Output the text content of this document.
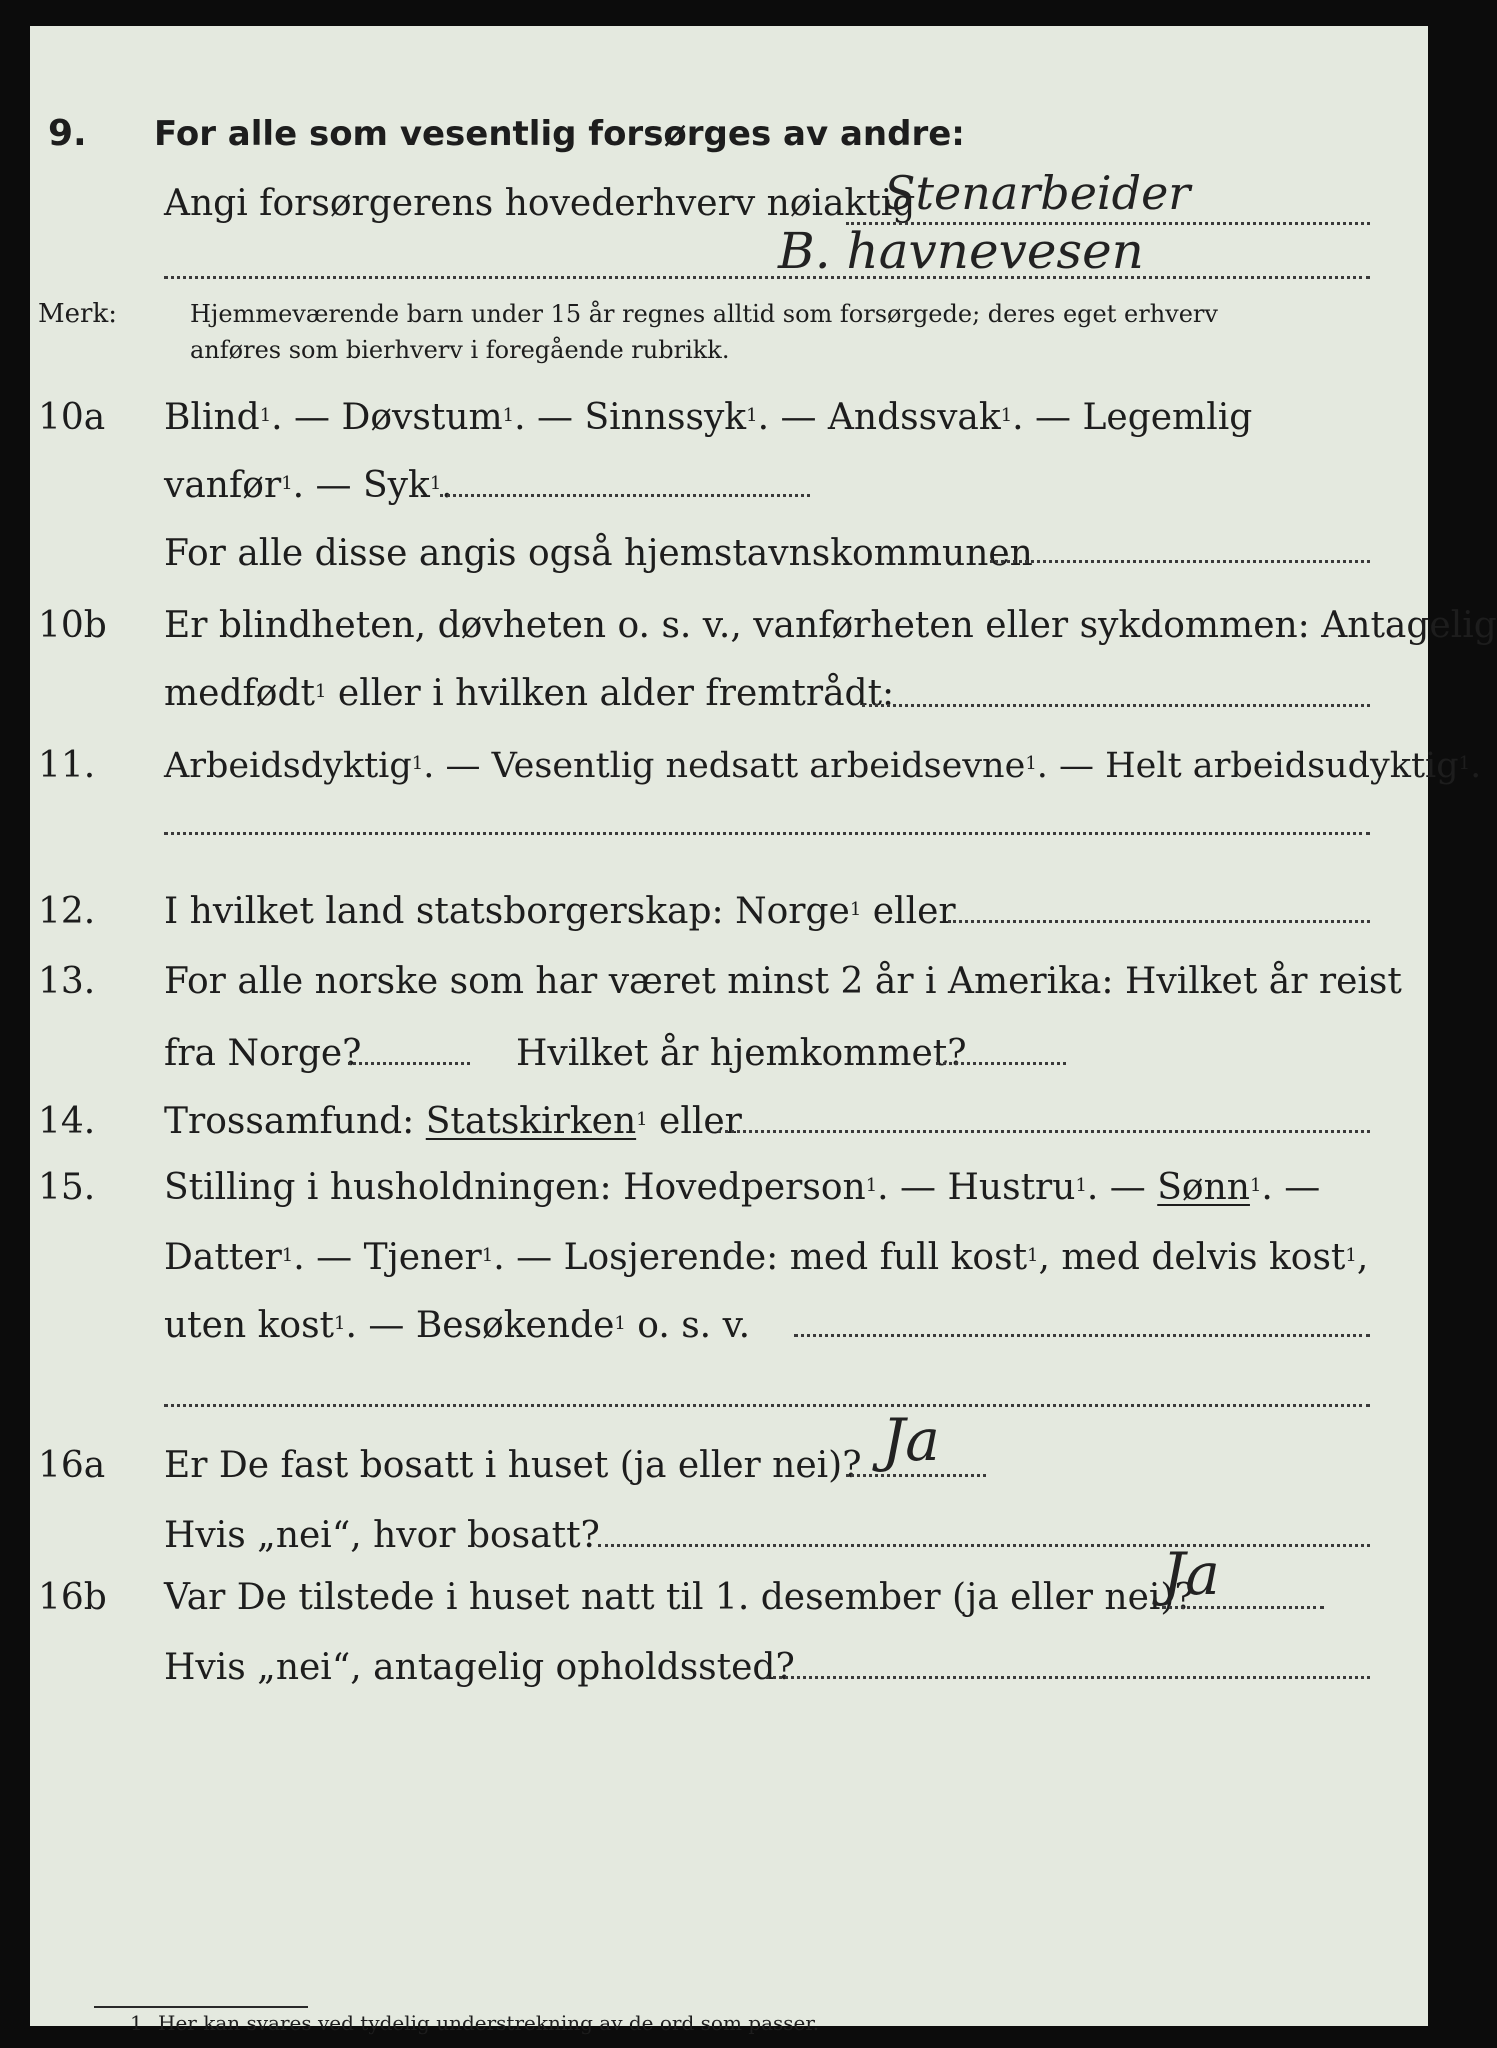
9. For alle som vesentlig forsørges av andre:
Angi forsørgerens hovederhverv nøiaktig
Stenarbeider
B. havnevesen
Merk:	Hjemmeværende barn under 15 år regnes alltid som forsørgede; deres eget erhverv
anføres som bierhverv i foregående rubrikk.
10a Blind$^1$. — Døvstum$^1$. — Sinnssyk$^1$. — Andssvak$^1$. — Legemlig
vanfør$^1$. — Syk$^1$.
For alle disse angis også hjemstavnskommunen
10b Er blindheten, døvheten o. s. v., vanførheten eller sykdommen: Antagelig
medfødt$^1$ eller i hvilken alder fremtrådt:
11. Arbeidsdyktig$^1$. — Vesentlig nedsatt arbeidsevne$^1$. — Helt arbeidsudyktig$^1$.
12. I hvilket land statsborgerskap: Norge$^1$ eller
13. For alle norske som har været minst 2 år i Amerika: Hvilket år reist
fra Norge?	Hvilket år hjemkommet?
14. Trossamfund: Statskirken$^1$ eller
15. Stilling i husholdningen: Hovedperson$^1$. — Hustru$^1$. — Sønn$^1$. —
Datter$^1$. — Tjener$^1$. — Losjerende: med full kost$^1$, med delvis kost$^1$,
uten kost$^1$. — Besøkende$^1$ o. s. v.
16a Er De fast bosatt i huset (ja eller nei)? Ja
Hvis „nei“, hvor bosatt?
16b Var De tilstede i huset natt til 1. desember (ja eller nei)?
Ja
Hvis „nei“, antagelig opholdssted?
1 Her kan svares ved tydelig understrekning av de ord som passer.
